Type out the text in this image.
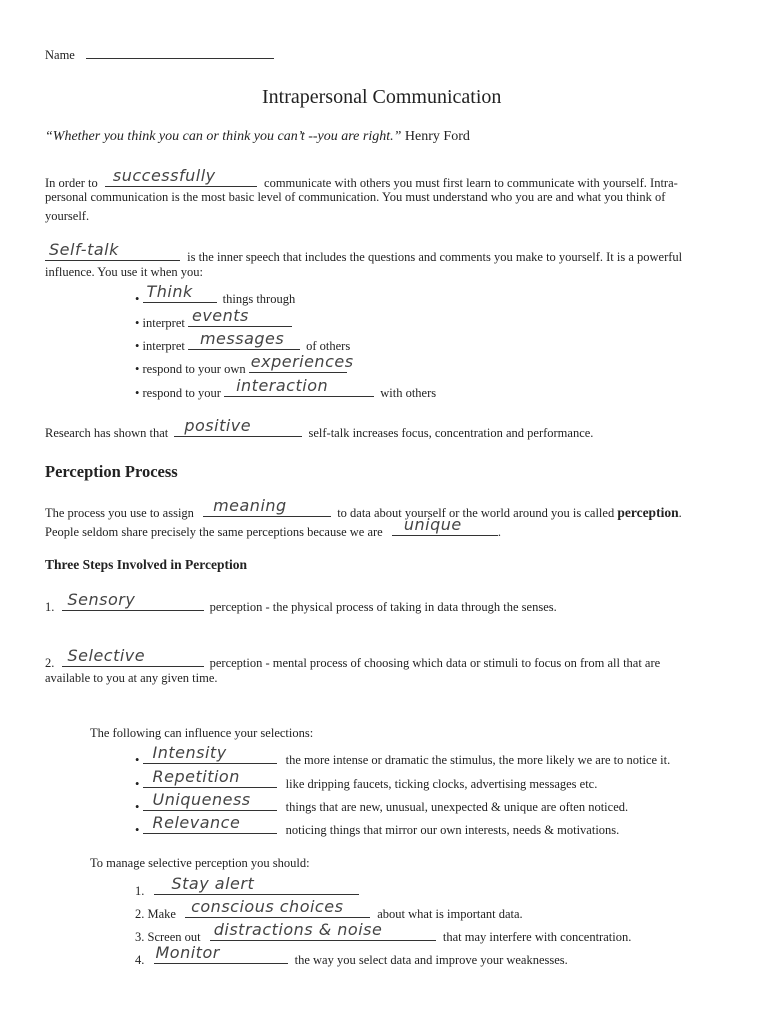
Name
Intrapersonal Communication
“Whether you think you can or think you can’t --you are right.” Henry Ford
In order to successfully	communicate with others you must first learn to communicate with yourself. Intra-
personal communication is the most basic level of communication. You must understand who you are and what you think of
yourself.
Self-talk	is the inner speech that includes the questions and comments you make to yourself. It is a powerful
influence. You use it when you:
• Think things through
• interpret events
• interpret messages of others
• respond to your own experiences
• respond to your interaction	with others
Research has shown that positive	self-talk increases focus, concentration and performance.
Perception Process
The process you use to assign meaning	to data about yourself or the world around you is called perception.
People seldom share precisely the same perceptions because we are unique	.
Three Steps Involved in Perception
1. Sensory	perception - the physical process of taking in data through the senses.
2. Selective	perception - mental process of choosing which data or stimuli to focus on from all that are
available to you at any given time.
The following can influence your selections:
• Intensity	the more intense or dramatic the stimulus, the more likely we are to notice it.
• Repetition	like dripping faucets, ticking clocks, advertising messages etc.
• Uniqueness	things that are new, unusual, unexpected & unique are often noticed.
• Relevance	noticing things that mirror our own interests, needs & motivations.
To manage selective perception you should:
1. Stay alert
2. Make conscious choices	about what is important data.
3. Screen out distractions & noise	that may interfere with concentration.
4. Monitor	the way you select data and improve your weaknesses.
